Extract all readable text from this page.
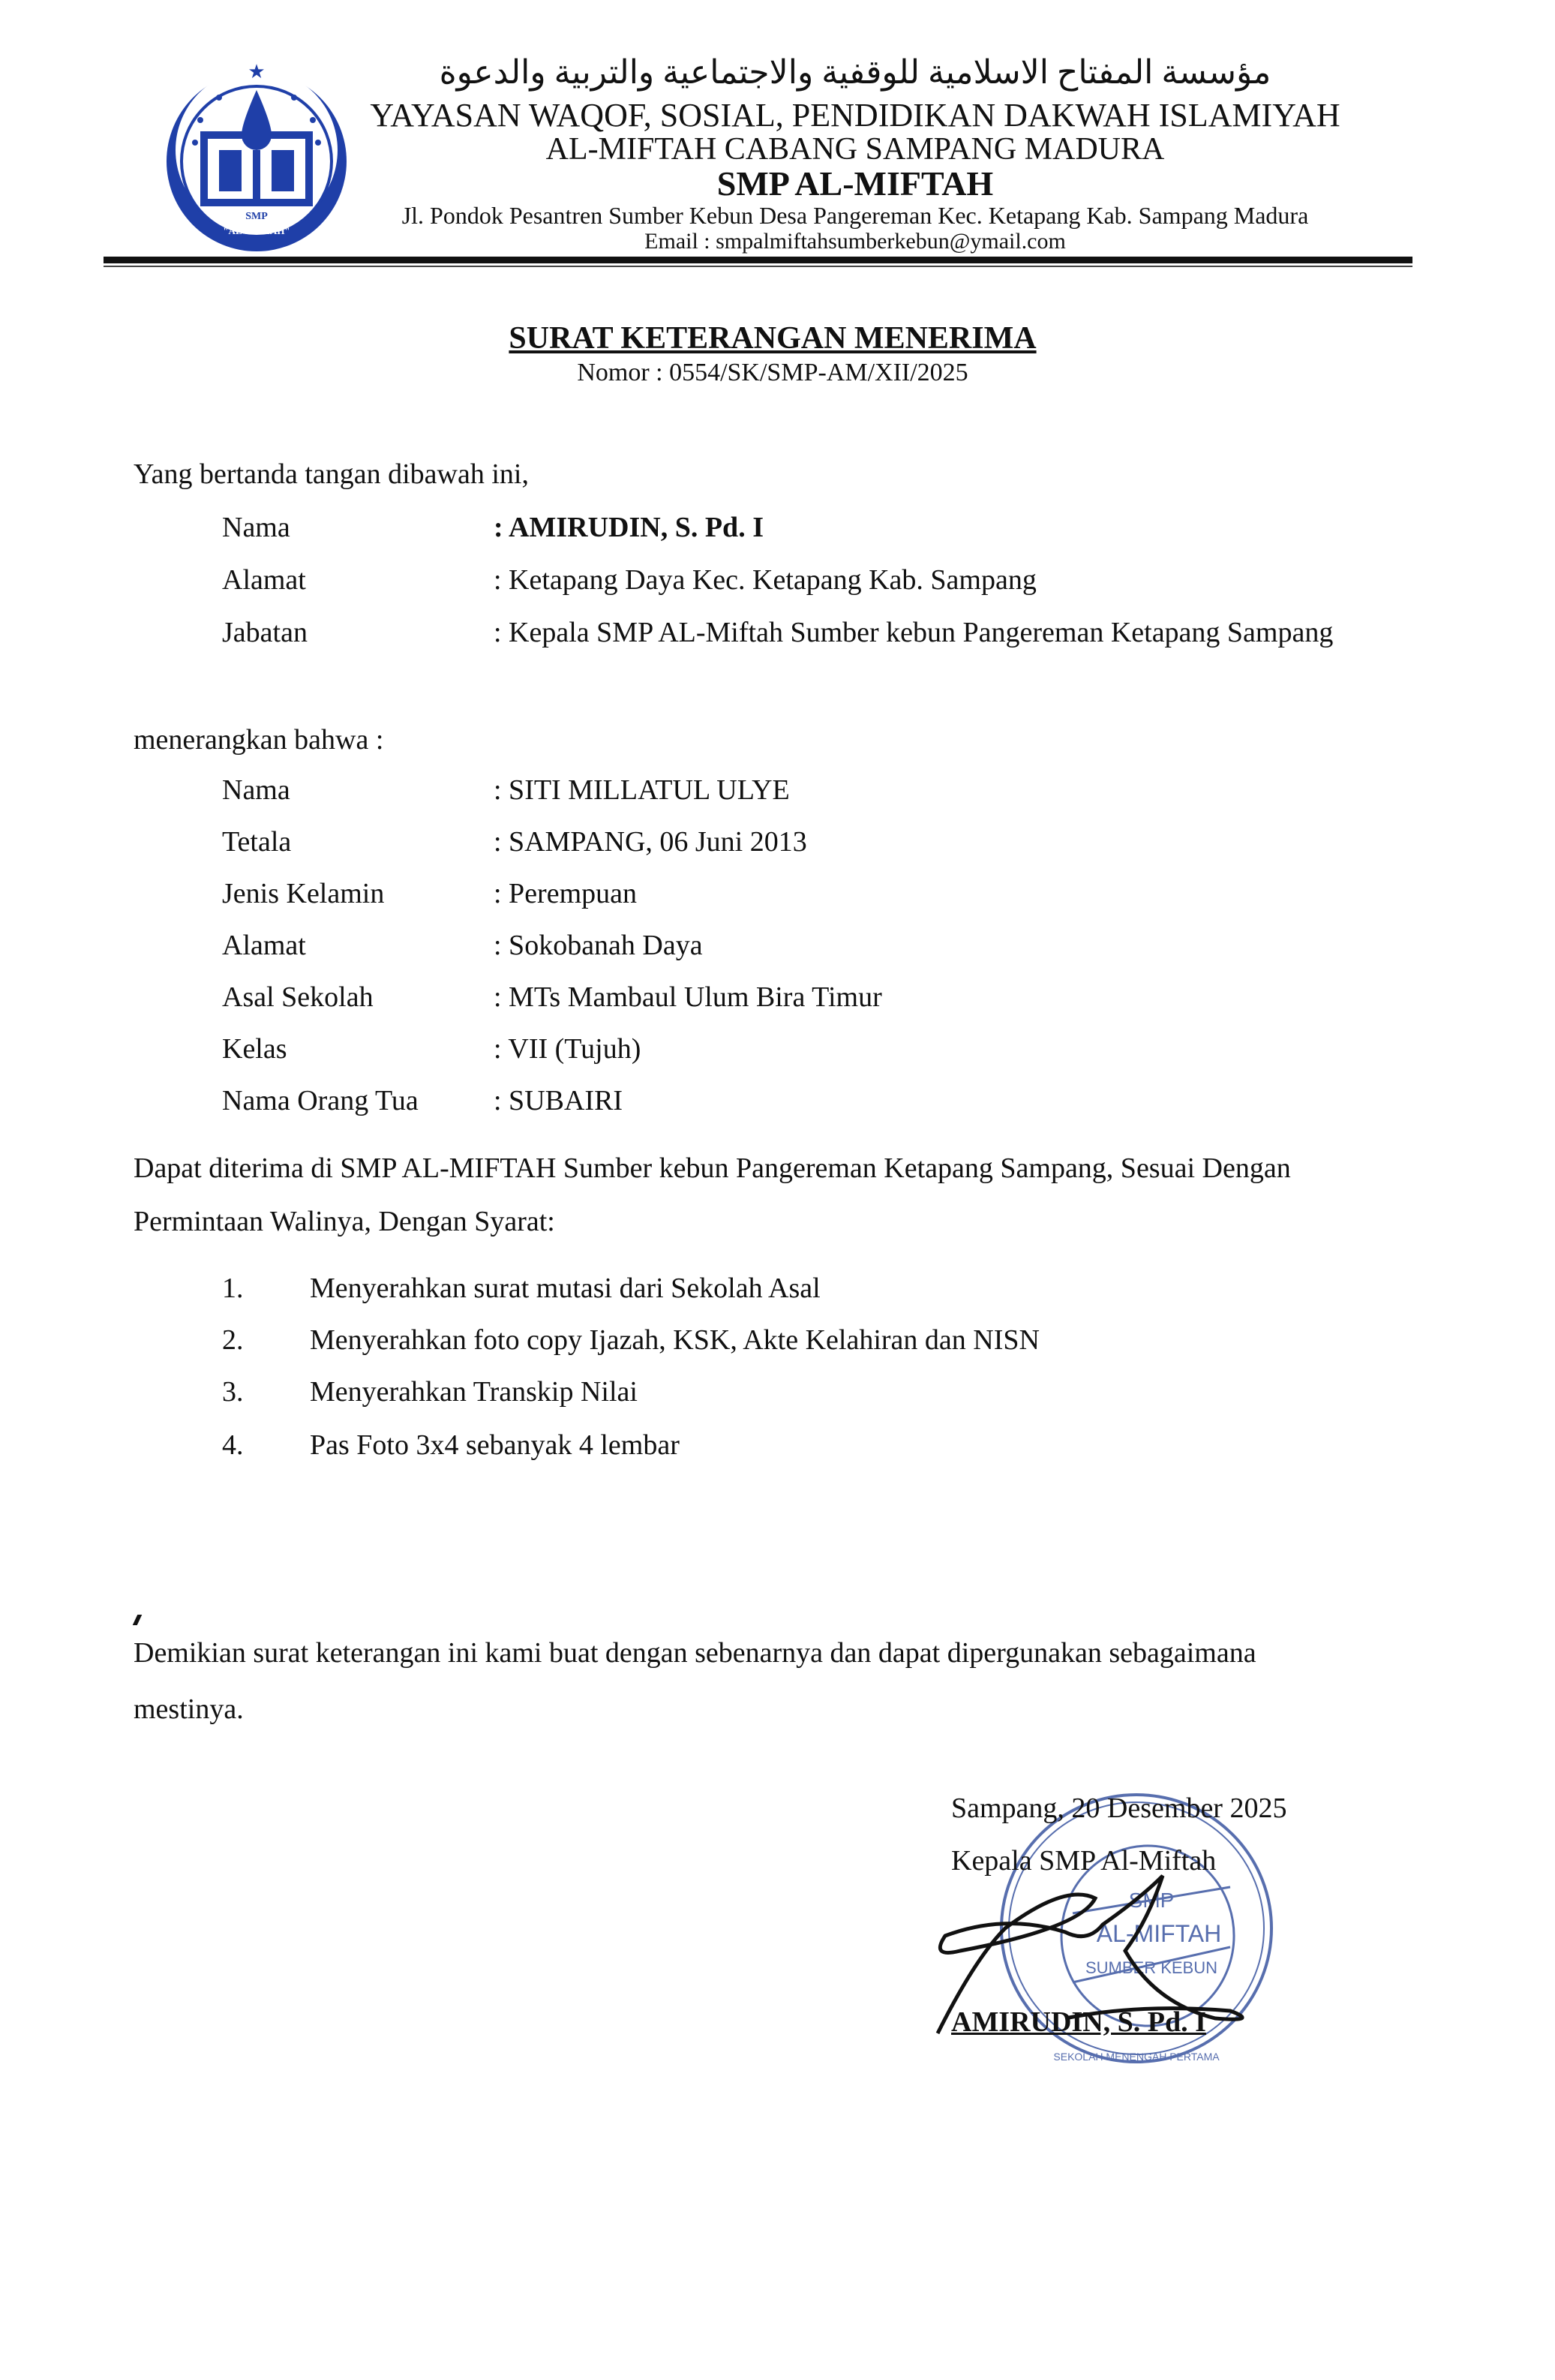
★
SMP
"AL-MIFTAH"
مؤسسة المفتاح الاسلامية للوقفية والاجتماعية والتربية والدعوة
YAYASAN WAQOF, SOSIAL, PENDIDIKAN DAKWAH ISLAMIYAH
AL-MIFTAH CABANG SAMPANG MADURA
SMP AL-MIFTAH
Jl. Pondok Pesantren Sumber Kebun Desa Pangereman Kec. Ketapang Kab. Sampang Madura
Email : smpalmiftahsumberkebun@ymail.com
SURAT KETERANGAN MENERIMA
Nomor : 0554/SK/SMP-AM/XII/2025
Yang bertanda tangan dibawah ini,
Nama	: AMIRUDIN, S. Pd. I
Alamat	: Ketapang Daya Kec. Ketapang Kab. Sampang
Jabatan	: Kepala SMP AL-Miftah Sumber kebun Pangereman Ketapang Sampang
menerangkan bahwa :
Nama	: SITI MILLATUL ULYE
Tetala	: SAMPANG, 06 Juni 2013
Jenis Kelamin	: Perempuan
Alamat	: Sokobanah Daya
Asal Sekolah	: MTs Mambaul Ulum Bira Timur
Kelas	: VII (Tujuh)
Nama Orang Tua	: SUBAIRI
Dapat diterima di SMP AL-MIFTAH Sumber kebun Pangereman Ketapang Sampang, Sesuai Dengan
Permintaan Walinya, Dengan Syarat:
1. Menyerahkan surat mutasi dari Sekolah Asal
2. Menyerahkan foto copy Ijazah, KSK, Akte Kelahiran dan NISN
3. Menyerahkan Transkip Nilai
4. Pas Foto 3x4 sebanyak 4 lembar
Demikian surat keterangan ini kami buat dengan sebenarnya dan dapat dipergunakan sebagaimana
mestinya.
SMP
AL-MIFTAH
SUMBER KEBUN
SEKOLAH MENENGAH PERTAMA
Sampang, 20 Desember 2025
Kepala SMP Al-Miftah
AMIRUDIN, S. Pd. I
